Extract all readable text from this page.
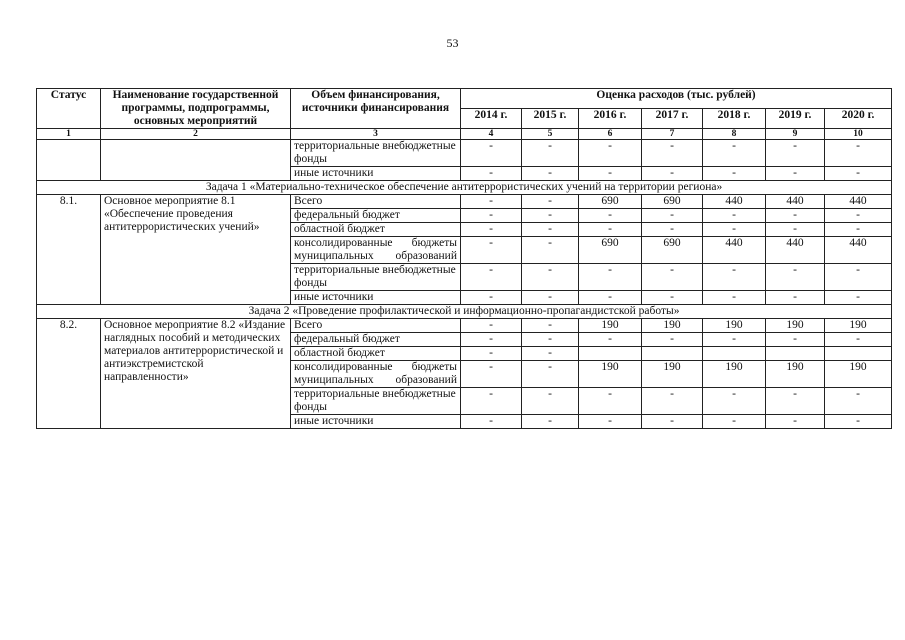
53
Статус	Наименование государственной программы, подпрограммы, основных мероприятий	Объем финансирования, источники финансирования	Оценка расходов (тыс. рублей)						
			2014 г.	2015 г.	2016 г.	2017 г.	2018 г.	2019 г.	2020 г.
1	2	3	4	5	6	7	8	9	10
		территориальные внебюджетные фонды	-	-	-	-	-	-	-
		иные источники	-	-	-	-	-	-	-
Задача 1 «Материально-техническое обеспечение антитеррористических учений на территории региона»									
8.1.	Основное мероприятие 8.1 «Обеспечение проведения антитеррористических учений»	Всего	-	-	690	690	440	440	440
		федеральный бюджет	-	-	-	-	-	-	-
		областной бюджет	-	-	-	-	-	-	-
		консолидированные бюджеты муниципальных образований	-	-	690	690	440	440	440
		территориальные внебюджетные фонды	-	-	-	-	-	-	-
		иные источники	-	-	-	-	-	-	-
Задача 2 «Проведение профилактической и информационно-пропагандистской работы»									
8.2.	Основное мероприятие 8.2 «Издание наглядных пособий и методических материалов антитеррористической и антиэкстремистской направленности»	Всего	-	-	190	190	190	190	190
		федеральный бюджет	-	-	-	-	-	-	-
		областной бюджет	-	-					
		консолидированные бюджеты муниципальных образований	-	-	190	190	190	190	190
		территориальные внебюджетные фонды	-	-	-	-	-	-	-
		иные источники	-	-	-	-	-	-	-
